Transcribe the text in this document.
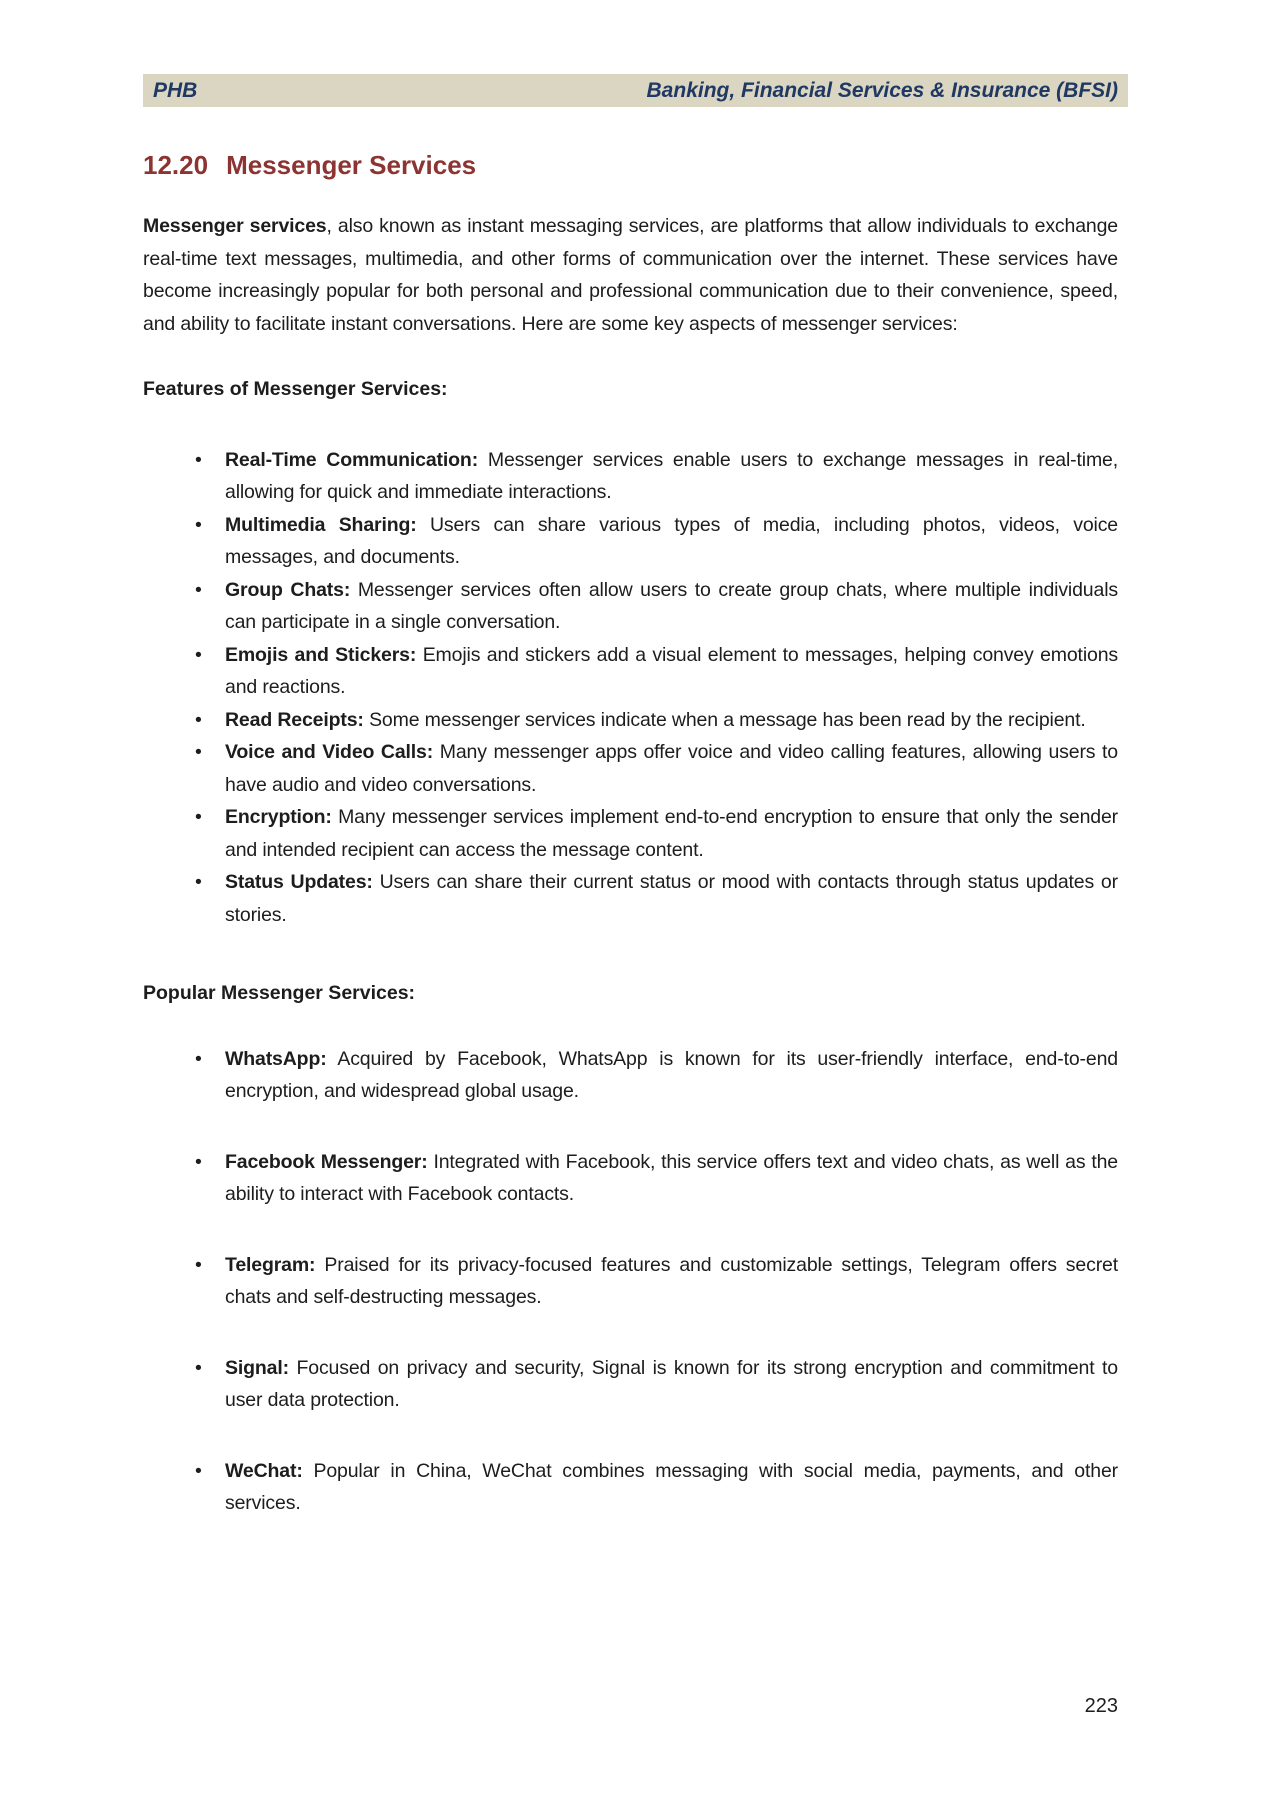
PHB	Banking, Financial Services & Insurance (BFSI)
12.20 Messenger Services

Messenger services, also known as instant messaging services, are platforms that allow individuals to exchange real-time text messages, multimedia, and other forms of communication over the internet. These services have become increasingly popular for both personal and professional communication due to their convenience, speed, and ability to facilitate instant conversations. Here are some key aspects of messenger services:

Features of Messenger Services:
• Real-Time Communication: Messenger services enable users to exchange messages in real-time, allowing for quick and immediate interactions.
• Multimedia Sharing: Users can share various types of media, including photos, videos, voice messages, and documents.
• Group Chats: Messenger services often allow users to create group chats, where multiple individuals can participate in a single conversation.
• Emojis and Stickers: Emojis and stickers add a visual element to messages, helping convey emotions and reactions.
• Read Receipts: Some messenger services indicate when a message has been read by the recipient.
• Voice and Video Calls: Many messenger apps offer voice and video calling features, allowing users to have audio and video conversations.
• Encryption: Many messenger services implement end-to-end encryption to ensure that only the sender and intended recipient can access the message content.
• Status Updates: Users can share their current status or mood with contacts through status updates or stories.
Popular Messenger Services:
• WhatsApp: Acquired by Facebook, WhatsApp is known for its user-friendly interface, end-to-end encryption, and widespread global usage.
• Facebook Messenger: Integrated with Facebook, this service offers text and video chats, as well as the ability to interact with Facebook contacts.
• Telegram: Praised for its privacy-focused features and customizable settings, Telegram offers secret chats and self-destructing messages.
• Signal: Focused on privacy and security, Signal is known for its strong encryption and commitment to user data protection.
• WeChat: Popular in China, WeChat combines messaging with social media, payments, and other services.
223
